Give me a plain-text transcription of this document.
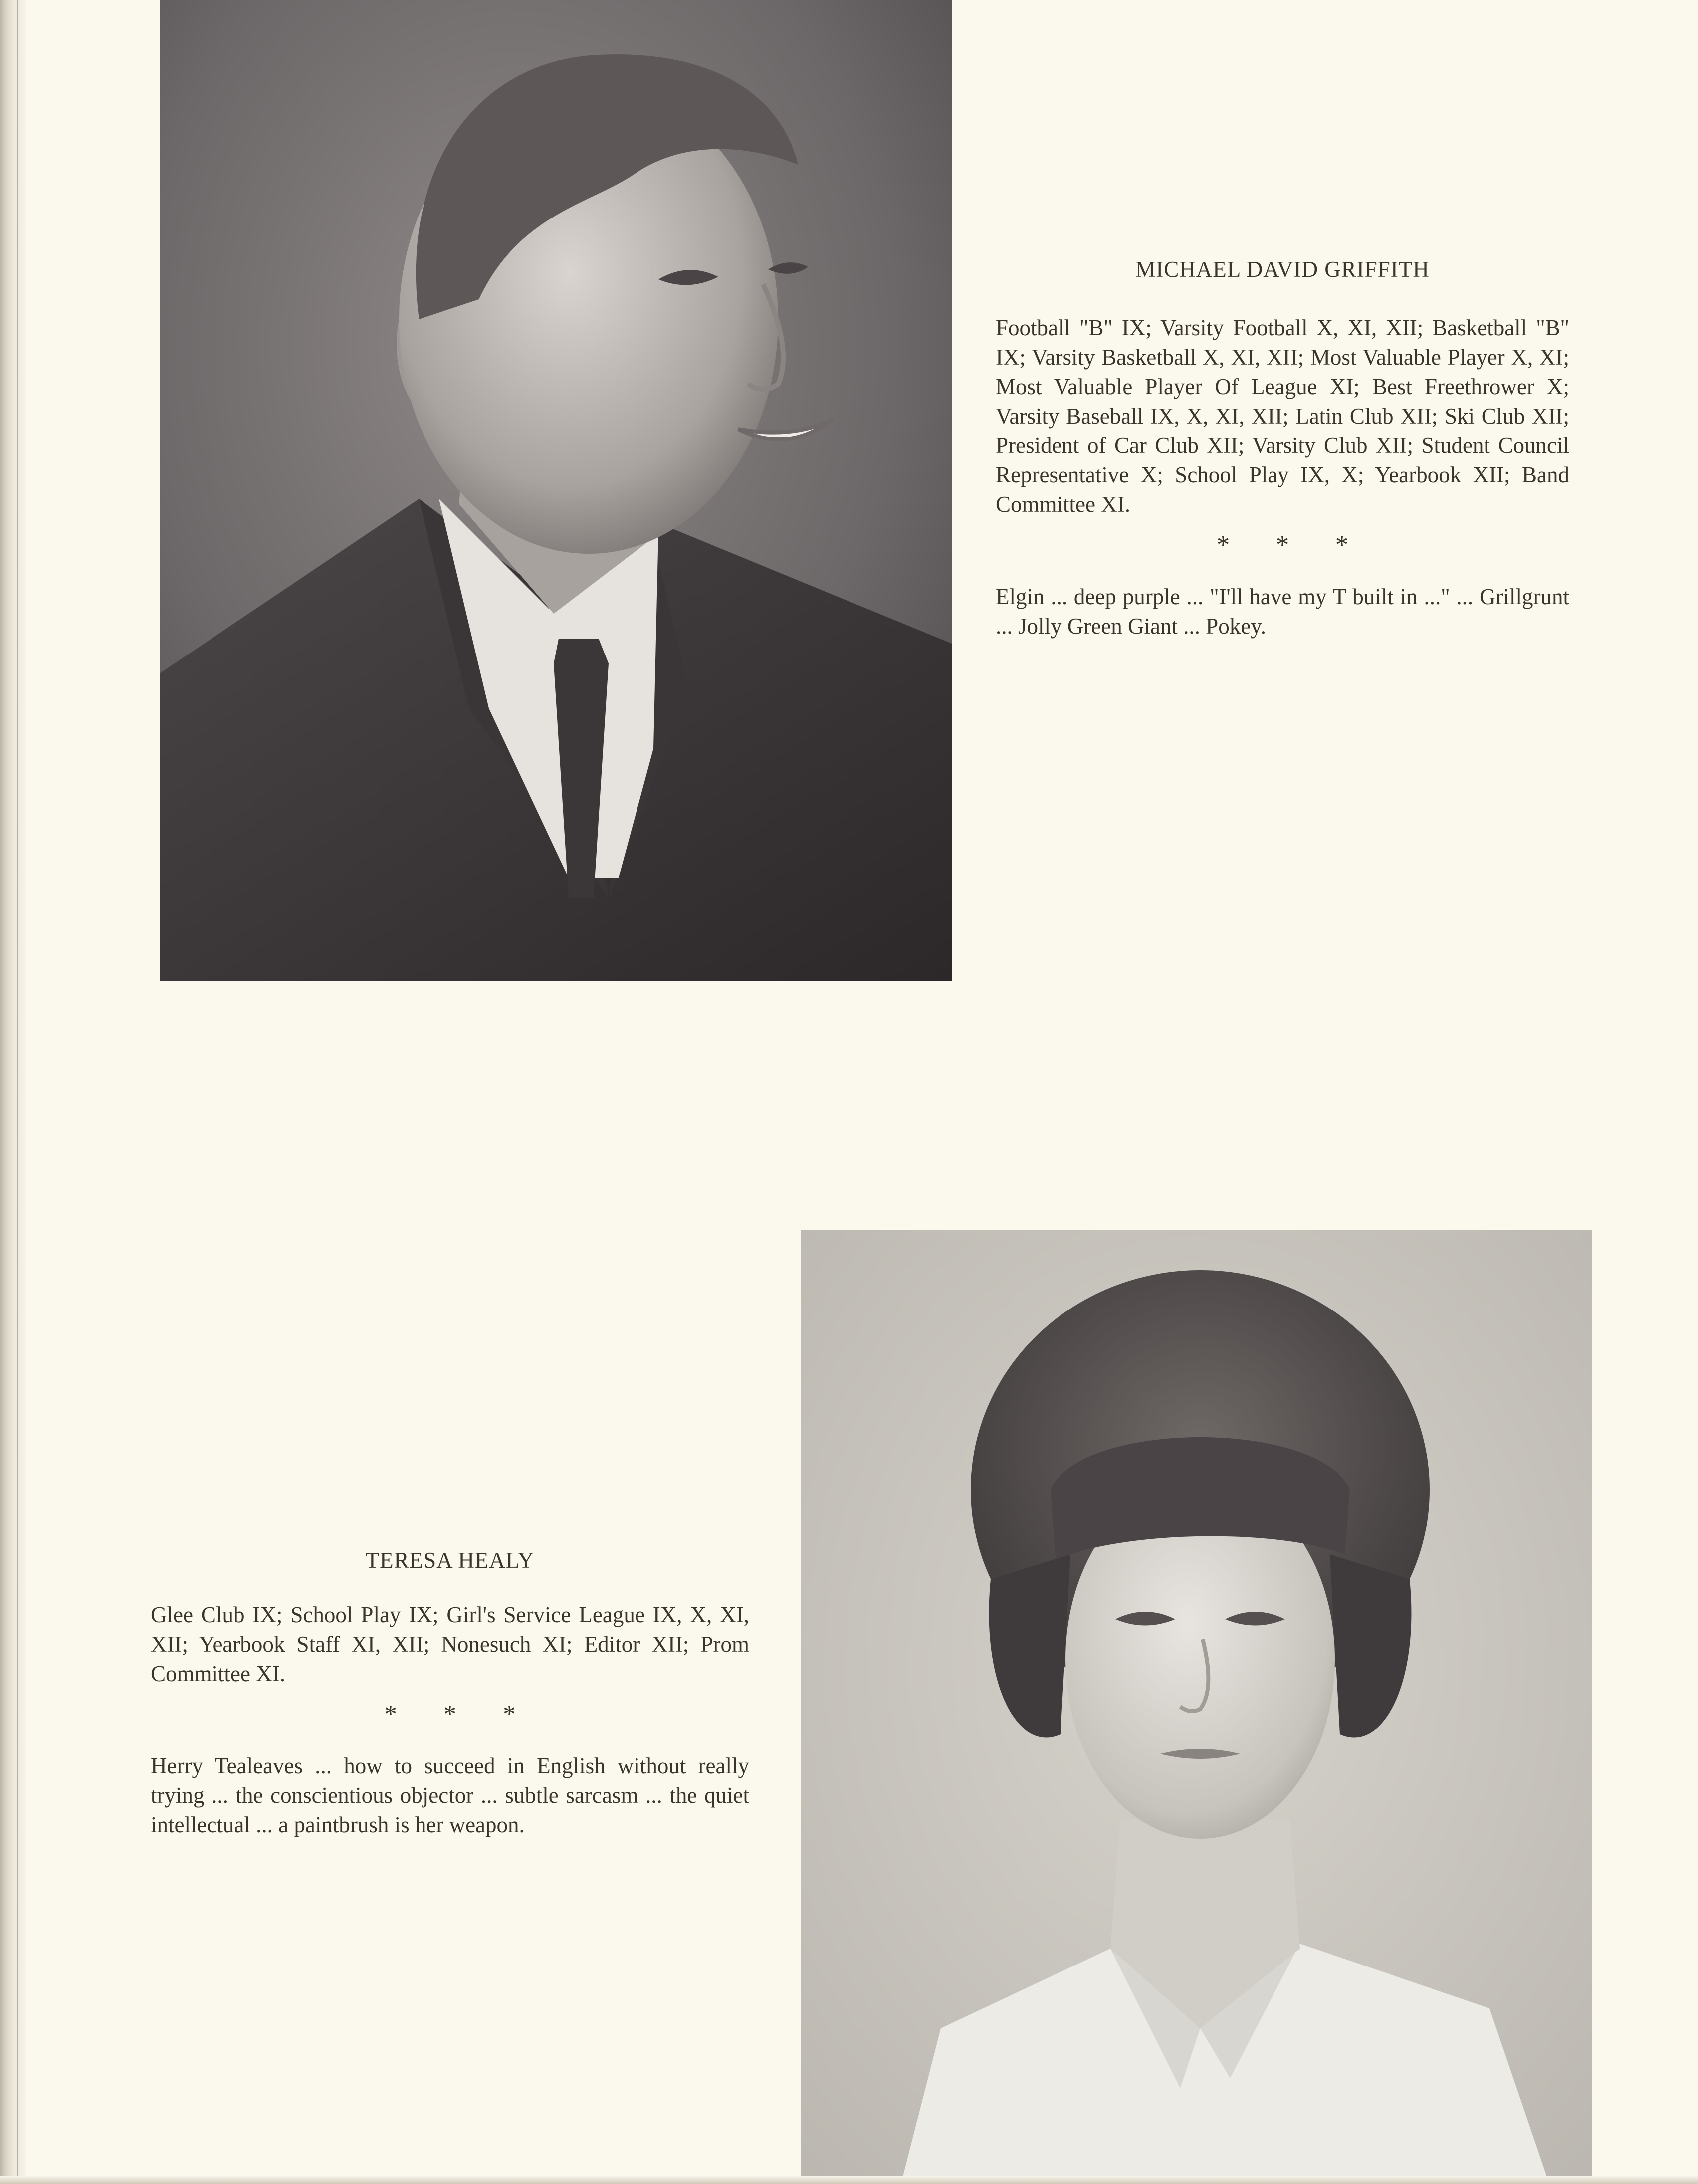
MICHAEL DAVID GRIFFITH

Football "B" IX; Varsity Football X, XI, XII; Basketball "B" IX; Varsity Basketball X, XI, XII; Most Valuable Player X, XI; Most Valuable Player Of League XI; Best Freethrower X; Varsity Baseball IX, X, XI, XII; Latin Club XII; Ski Club XII; President of Car Club XII; Varsity Club XII; Student Council Representative X; School Play IX, X; Yearbook XII; Band Committee XI.

* * *

Elgin ... deep purple ... "I'll have my T built in ..." ... Grillgrunt ... Jolly Green Giant ... Pokey.

TERESA HEALY

Glee Club IX; School Play IX; Girl's Service League IX, X, XI, XII; Yearbook Staff XI, XII; Nonesuch XI; Editor XII; Prom Committee XI.

* * *

Herry Tealeaves ... how to succeed in English without really trying ... the conscientious objector ... subtle sarcasm ... the quiet intellectual ... a paintbrush is her weapon.
